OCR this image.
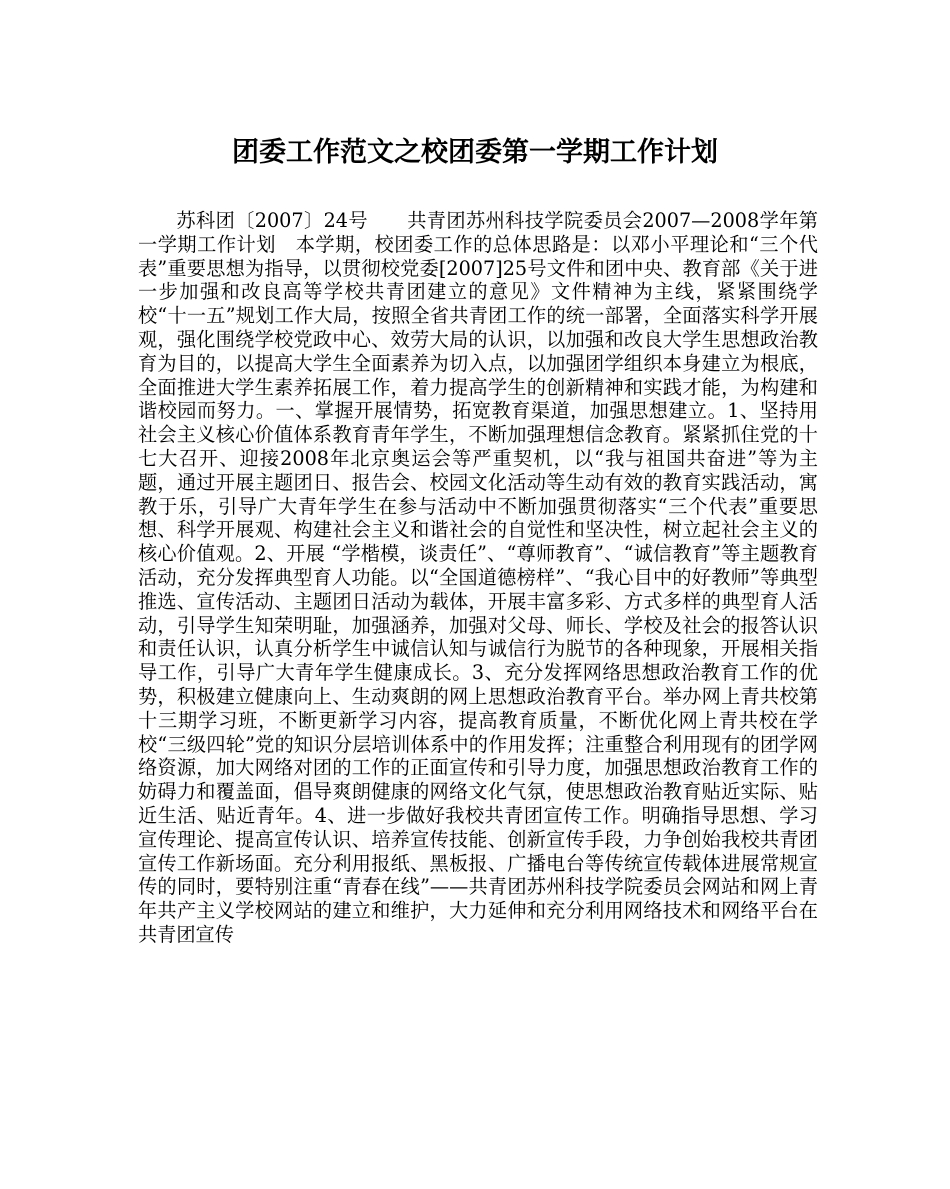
团委工作范文之校团委第一学期工作计划

苏科团〔2007〕24号　　共青团苏州科技学院委员会2007—2008学年第一学期工作计划　本学期，校团委工作的总体思路是：以邓小平理论和“三个代表”重要思想为指导，以贯彻校党委[2007]25号文件和团中央、教育部《关于进一步加强和改良高等学校共青团建立的意见》文件精神为主线，紧紧围绕学校“十一五”规划工作大局，按照全省共青团工作的统一部署，全面落实科学开展观，强化围绕学校党政中心、效劳大局的认识，以加强和改良大学生思想政治教育为目的，以提高大学生全面素养为切入点，以加强团学组织本身建立为根底，全面推进大学生素养拓展工作，着力提高学生的创新精神和实践才能，为构建和谐校园而努力。一、掌握开展情势，拓宽教育渠道，加强思想建立。1、坚持用社会主义核心价值体系教育青年学生，不断加强理想信念教育。紧紧抓住党的十七大召开、迎接2008年北京奥运会等严重契机，以“我与祖国共奋进”等为主题，通过开展主题团日、报告会、校园文化活动等生动有效的教育实践活动，寓教于乐，引导广大青年学生在参与活动中不断加强贯彻落实“三个代表”重要思想、科学开展观、构建社会主义和谐社会的自觉性和坚决性，树立起社会主义的核心价值观。2、开展 “学楷模，谈责任”、“尊师教育”、“诚信教育”等主题教育活动，充分发挥典型育人功能。以“全国道德榜样”、“我心目中的好教师”等典型推选、宣传活动、主题团日活动为载体，开展丰富多彩、方式多样的典型育人活动，引导学生知荣明耻，加强涵养，加强对父母、师长、学校及社会的报答认识和责任认识，认真分析学生中诚信认知与诚信行为脱节的各种现象，开展相关指导工作，引导广大青年学生健康成长。3、充分发挥网络思想政治教育工作的优势，积极建立健康向上、生动爽朗的网上思想政治教育平台。举办网上青共校第十三期学习班，不断更新学习内容，提高教育质量，不断优化网上青共校在学校“三级四轮”党的知识分层培训体系中的作用发挥；注重整合利用现有的团学网络资源，加大网络对团的工作的正面宣传和引导力度，加强思想政治教育工作的妨碍力和覆盖面，倡导爽朗健康的网络文化气氛，使思想政治教育贴近实际、贴近生活、贴近青年。4、进一步做好我校共青团宣传工作。明确指导思想、学习宣传理论、提高宣传认识、培养宣传技能、创新宣传手段，力争创始我校共青团宣传工作新场面。充分利用报纸、黑板报、广播电台等传统宣传载体进展常规宣传的同时，要特别注重“青春在线”——共青团苏州科技学院委员会网站和网上青年共产主义学校网站的建立和维护，大力延伸和充分利用网络技术和网络平台在共青团宣传
